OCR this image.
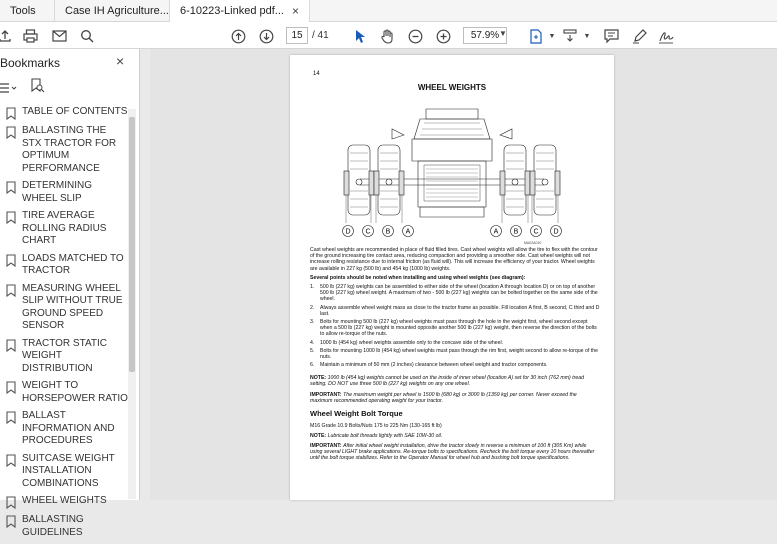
Tools	Case IH Agriculture... 6-10223-Linked pdf... ×
15 / 41	57.9% ▼	▼	▼
Bookmarks	×
TABLE OF CONTENTS
BALLASTING THE STX TRACTOR FOR OPTIMUM PERFORMANCE
DETERMINING WHEEL SLIP
TIRE AVERAGE ROLLING RADIUS CHART
LOADS MATCHED TO TRACTOR
MEASURING WHEEL SLIP WITHOUT TRUE GROUND SPEED SENSOR
TRACTOR STATIC WEIGHT DISTRIBUTION
WEIGHT TO HORSEPOWER RATIO
BALLAST INFORMATION AND PROCEDURES
SUITCASE WEIGHT INSTALLATION COMBINATIONS
WHEEL WEIGHTS
BALLASTING GUIDELINES
14
WHEEL WEIGHTS
D C B A	A B C D
MA02A010
Cast wheel weights are recommended in place of fluid filled tires. Cast wheel weights will allow the tire to flex with the contour of the ground increasing tire contact area, reducing compaction and providing a smoother ride. Cast wheel weights will not increase rolling resistance due to internal friction (as fluid will). This will increase the efficiency of your tractor. Wheel weights are available in 227 kg (500 lb) and 454 kg (1000 lb) weights.
Several points should be noted when installing and using wheel weights (see diagram):
1.	500 lb (227 kg) weights can be assembled to either side of the wheel (location A through location D) or on top of another 500 lb (227 kg) wheel weight. A maximum of two - 500 lb (227 kg) weights can be bolted together on the same side of the wheel.
2.	Always assemble wheel weight mass as close to the tractor frame as possible. Fill location A first, B second, C third and D last.
3.	Bolts for mounting 500 lb (227 kg) wheel weights must pass through the hole in the weight first, wheel second except when a 500 lb (227 kg) weight is mounted opposite another 500 lb (227 kg) weight, then reverse the direction of the bolts to allow re-torque of the nuts.
4.	1000 lb (454 kg) wheel weights assemble only to the concave side of the wheel.
5.	Bolts for mounting 1000 lb (454 kg) wheel weights must pass through the rim first, weight second to allow re-torque of the nuts.
6.	Maintain a minimum of 50 mm (2 inches) clearance between wheel weight and tractor components.
NOTE: 1000 lb (454 kg) weights cannot be used on the inside of inner wheel (location A) set for 30 inch (762 mm) tread setting. DO NOT use three 500 lb (227 kg) weights on any one wheel.
IMPORTANT: The maximum weight per wheel is 1500 lb (680 kg) or 3000 lb (1359 kg) per corner. Never exceed the maximum recommended operating weight for your tractor.
Wheel Weight Bolt Torque
M16 Grade 10.9 Bolts/Nuts 175 to 225 Nm (130-165 ft lb)
NOTE: Lubricate bolt threads lightly with SAE 10W-30 oil.
IMPORTANT: After initial wheel weight installation, drive the tractor slowly in reverse a minimum of 100 ft (305 Km) while using several LIGHT brake applications. Re-torque bolts to specifications. Recheck the bolt torque every 10 hours thereafter until the bolt torque stabilizes. Refer to the Operator Manual for wheel hub and bushing bolt torque specifications.
